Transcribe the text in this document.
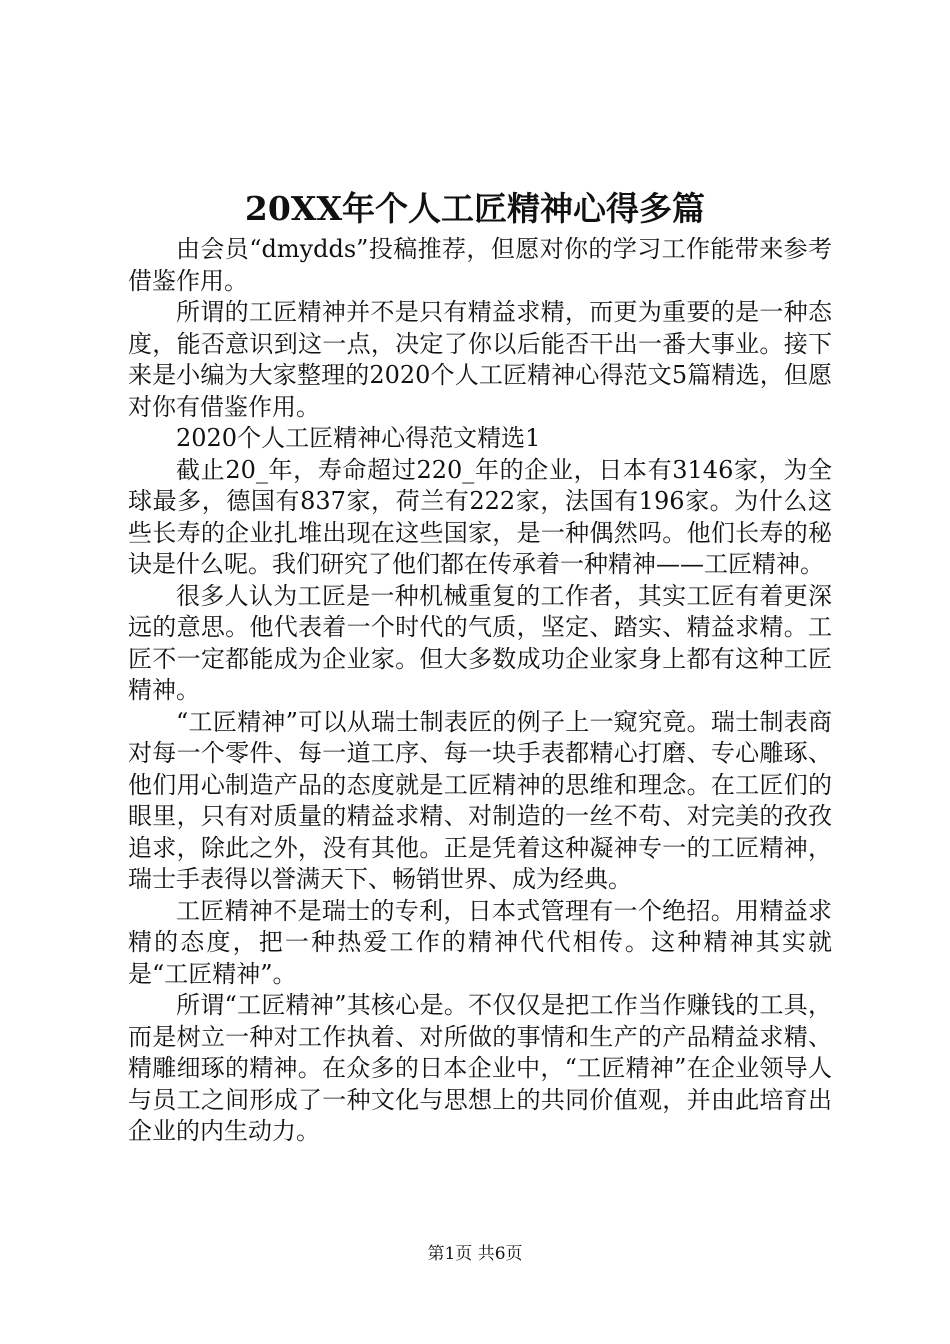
20XX年个人工匠精神心得多篇

由会员“dmydds”投稿推荐，但愿对你的学习工作能带来参考借鉴作用。

所谓的工匠精神并不是只有精益求精，而更为重要的是一种态度，能否意识到这一点，决定了你以后能否干出一番大事业。接下来是小编为大家整理的2020个人工匠精神心得范文5篇精选，但愿对你有借鉴作用。

2020个人工匠精神心得范文精选1

截止20_年，寿命超过220_年的企业，日本有3146家，为全球最多，德国有837家，荷兰有222家，法国有196家。为什么这些长寿的企业扎堆出现在这些国家，是一种偶然吗。他们长寿的秘诀是什么呢。我们研究了他们都在传承着一种精神——工匠精神。

很多人认为工匠是一种机械重复的工作者，其实工匠有着更深远的意思。他代表着一个时代的气质，坚定、踏实、精益求精。工匠不一定都能成为企业家。但大多数成功企业家身上都有这种工匠精神。

“工匠精神”可以从瑞士制表匠的例子上一窥究竟。瑞士制表商对每一个零件、每一道工序、每一块手表都精心打磨、专心雕琢、他们用心制造产品的态度就是工匠精神的思维和理念。在工匠们的眼里，只有对质量的精益求精、对制造的一丝不苟、对完美的孜孜追求，除此之外，没有其他。正是凭着这种凝神专一的工匠精神，瑞士手表得以誉满天下、畅销世界、成为经典。

工匠精神不是瑞士的专利，日本式管理有一个绝招。用精益求精的态度，把一种热爱工作的精神代代相传。这种精神其实就是“工匠精神”。

所谓“工匠精神”其核心是。不仅仅是把工作当作赚钱的工具，而是树立一种对工作执着、对所做的事情和生产的产品精益求精、精雕细琢的精神。在众多的日本企业中，“工匠精神”在企业领导人与员工之间形成了一种文化与思想上的共同价值观，并由此培育出企业的内生动力。

第1页 共6页
